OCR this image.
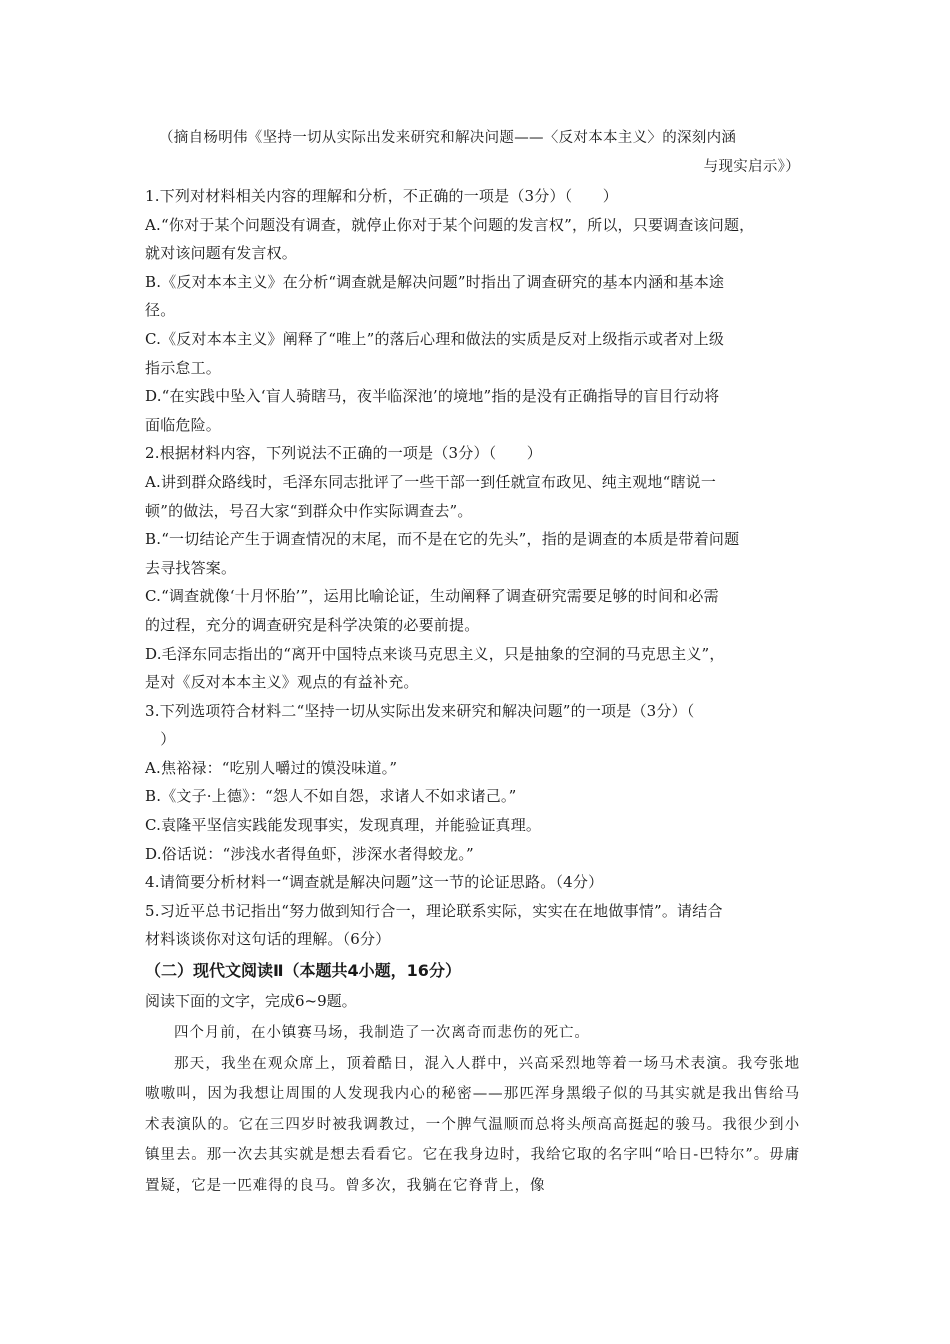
（摘自杨明伟《坚持一切从实际出发来研究和解决问题——〈反对本本主义〉的深刻内涵
与现实启示》）
1.下列对材料相关内容的理解和分析，不正确的一项是（3分）（　　）
A.“你对于某个问题没有调查，就停止你对于某个问题的发言权”，所以，只要调查该问题，
就对该问题有发言权。
B.《反对本本主义》在分析“调查就是解决问题”时指出了调查研究的基本内涵和基本途
径。
C.《反对本本主义》阐释了“唯上”的落后心理和做法的实质是反对上级指示或者对上级
指示怠工。
D.“在实践中坠入‘盲人骑瞎马，夜半临深池’的境地”指的是没有正确指导的盲目行动将
面临危险。
2.根据材料内容，下列说法不正确的一项是（3分）（　　）
A.讲到群众路线时，毛泽东同志批评了一些干部一到任就宣布政见、纯主观地“瞎说一
顿”的做法，号召大家“到群众中作实际调查去”。
B.“一切结论产生于调查情况的末尾，而不是在它的先头”，指的是调查的本质是带着问题
去寻找答案。
C.“调查就像‘十月怀胎’”，运用比喻论证，生动阐释了调查研究需要足够的时间和必需
的过程，充分的调查研究是科学决策的必要前提。
D.毛泽东同志指出的“离开中国特点来谈马克思主义，只是抽象的空洞的马克思主义”，
是对《反对本本主义》观点的有益补充。
3.下列选项符合材料二“坚持一切从实际出发来研究和解决问题”的一项是（3分）（
　）
A.焦裕禄：“吃别人嚼过的馍没味道。”
B.《文子·上德》：“怨人不如自怨，求诸人不如求诸己。”
C.袁隆平坚信实践能发现事实，发现真理，并能验证真理。
D.俗话说：“涉浅水者得鱼虾，涉深水者得蛟龙。”
4.请简要分析材料一“调查就是解决问题”这一节的论证思路。（4分）
5.习近平总书记指出“努力做到知行合一，理论联系实际，实实在在地做事情”。请结合
材料谈谈你对这句话的理解。（6分）
（二）现代文阅读Ⅱ（本题共4小题，16分）
阅读下面的文字，完成6~9题。

四个月前，在小镇赛马场，我制造了一次离奇而悲伤的死亡。

那天，我坐在观众席上，顶着酷日，混入人群中，兴高采烈地等着一场马术表演。我夸张地嗷嗷叫，因为我想让周围的人发现我内心的秘密——那匹浑身黑缎子似的马其实就是我出售给马术表演队的。它在三四岁时被我调教过，一个脾气温顺而总将头颅高高挺起的骏马。我很少到小镇里去。那一次去其实就是想去看看它。它在我身边时，我给它取的名字叫“哈日-巴特尔”。毋庸置疑，它是一匹难得的良马。曾多次，我躺在它脊背上，像
